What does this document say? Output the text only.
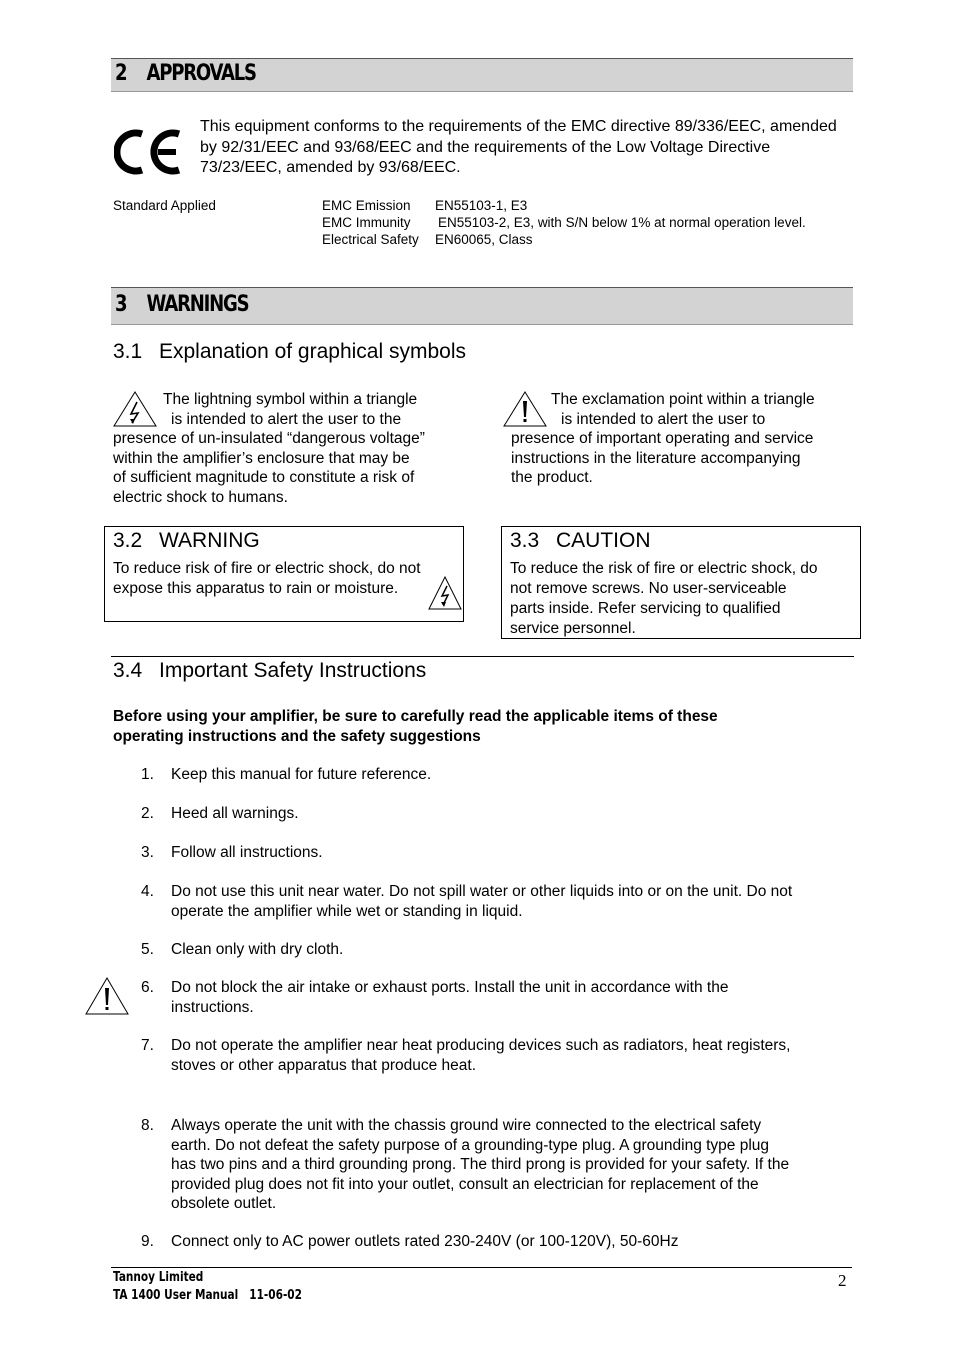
2    APPROVALS
This equipment conforms to the requirements of the EMC directive 89/336/EEC, amended by 92/31/EEC and 93/68/EEC and the requirements of the Low Voltage Directive 73/23/EEC, amended by 93/68/EEC.
Standard Applied	EMC Emission EN55103-1, E3
EMC Immunity EN55103-2, E3, with S/N below 1% at normal operation level.
Electrical Safety EN60065, Class
3    WARNINGS
3.1 Explanation of graphical symbols
The lightning symbol within a triangle
is intended to alert the user to the
presence of un-insulated “dangerous voltage”
within the amplifier’s enclosure that may be
of sufficient magnitude to constitute a risk of
electric shock to humans.
The exclamation point within a triangle
is intended to alert the user to
presence of important operating and service
instructions in the literature accompanying
the product.
3.2 WARNING
To reduce risk of fire or electric shock, do not
expose this apparatus to rain or moisture.
3.3 CAUTION
To reduce the risk of fire or electric shock, do
not remove screws. No user-serviceable
parts inside. Refer servicing to qualified
service personnel.
3.4 Important Safety Instructions
Before using your amplifier, be sure to carefully read the applicable items of these
operating instructions and the safety suggestions
1.	Keep this manual for future reference.
2.	Heed all warnings.
3.	Follow all instructions.
4.	Do not use this unit near water. Do not spill water or other liquids into or on the unit. Do not
operate the amplifier while wet or standing in liquid.
5.	Clean only with dry cloth.
6.	Do not block the air intake or exhaust ports. Install the unit in accordance with the
instructions.
7.	Do not operate the amplifier near heat producing devices such as radiators, heat registers,
stoves or other apparatus that produce heat.
8.	Always operate the unit with the chassis ground wire connected to the electrical safety
earth. Do not defeat the safety purpose of a grounding-type plug. A grounding type plug
has two pins and a third grounding prong. The third prong is provided for your safety. If the
provided plug does not fit into your outlet, consult an electrician for replacement of the
obsolete outlet.
9.	Connect only to AC power outlets rated 230-240V (or 100-120V), 50-60Hz
Tannoy Limited
TA 1400 User Manual   11-06-02
2
